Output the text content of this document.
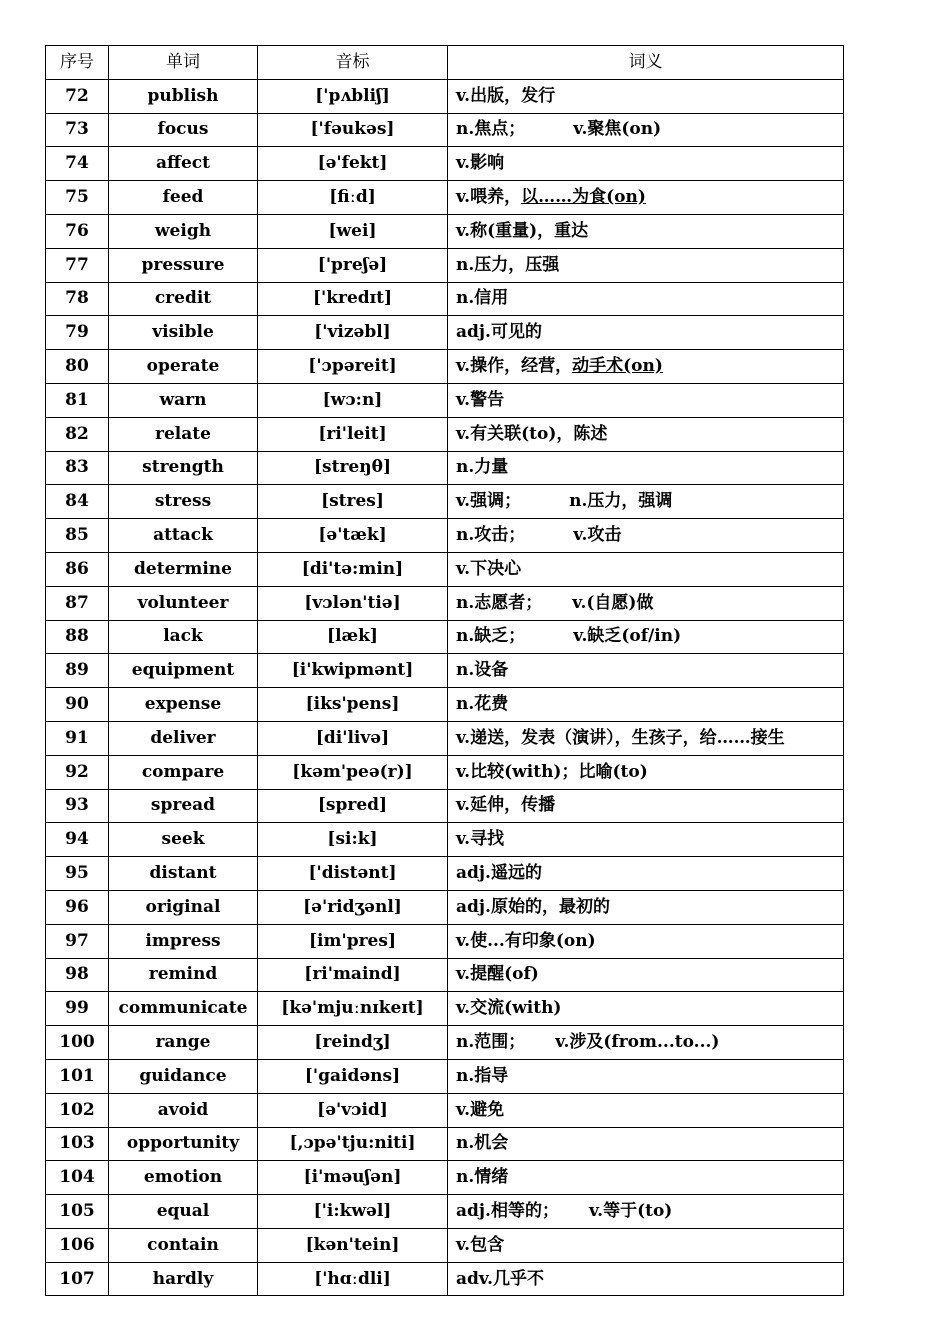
序号	单词	音标	词义
72	publish	['pʌbliʃ]	v.出版，发行
73	focus	['fəukəs]	n.焦点； v.聚焦(on)
74	affect	[ə'fekt]	v.影响
75	feed	[fiːd]	v.喂养，以……为食(on)
76	weigh	[wei]	v.称(重量)，重达
77	pressure	['preʃə]	n.压力，压强
78	credit	['kredɪt]	n.信用
79	visible	['vizəbl]	adj.可见的
80	operate	['ɔpəreit]	v.操作，经营，动手术(on)
81	warn	[wɔ:n]	v.警告
82	relate	[ri'leit]	v.有关联(to)，陈述
83	strength	[streŋθ]	n.力量
84	stress	[stres]	v.强调； n.压力，强调
85	attack	[ə'tæk]	n.攻击； v.攻击
86	determine	[di'tə:min]	v.下决心
87	volunteer	[vɔlən'tiə]	n.志愿者； v.(自愿)做
88	lack	[læk]	n.缺乏； v.缺乏(of/in)
89	equipment	[i'kwipmənt]	n.设备
90	expense	[iks'pens]	n.花费
91	deliver	[di'livə]	v.递送，发表（演讲），生孩子，给……接生
92	compare	[kəm'peə(r)]	v.比较(with)；比喻(to)
93	spread	[spred]	v.延伸，传播
94	seek	[si:k]	v.寻找
95	distant	['distənt]	adj.遥远的
96	original	[ə'ridʒənl]	adj.原始的，最初的
97	impress	[im'pres]	v.使...有印象(on)
98	remind	[ri'maind]	v.提醒(of)
99	communicate	[kə'mjuːnɪkeɪt]	v.交流(with)
100	range	[reindʒ]	n.范围； v.涉及(from...to...)
101	guidance	['gaidəns]	n.指导
102	avoid	[ə'vɔid]	v.避免
103	opportunity	[,ɔpə'tju:niti]	n.机会
104	emotion	[i'məuʃən]	n.情绪
105	equal	['i:kwəl]	adj.相等的； v.等于(to)
106	contain	[kən'tein]	v.包含
107	hardly	['hɑːdli]	adv.几乎不
